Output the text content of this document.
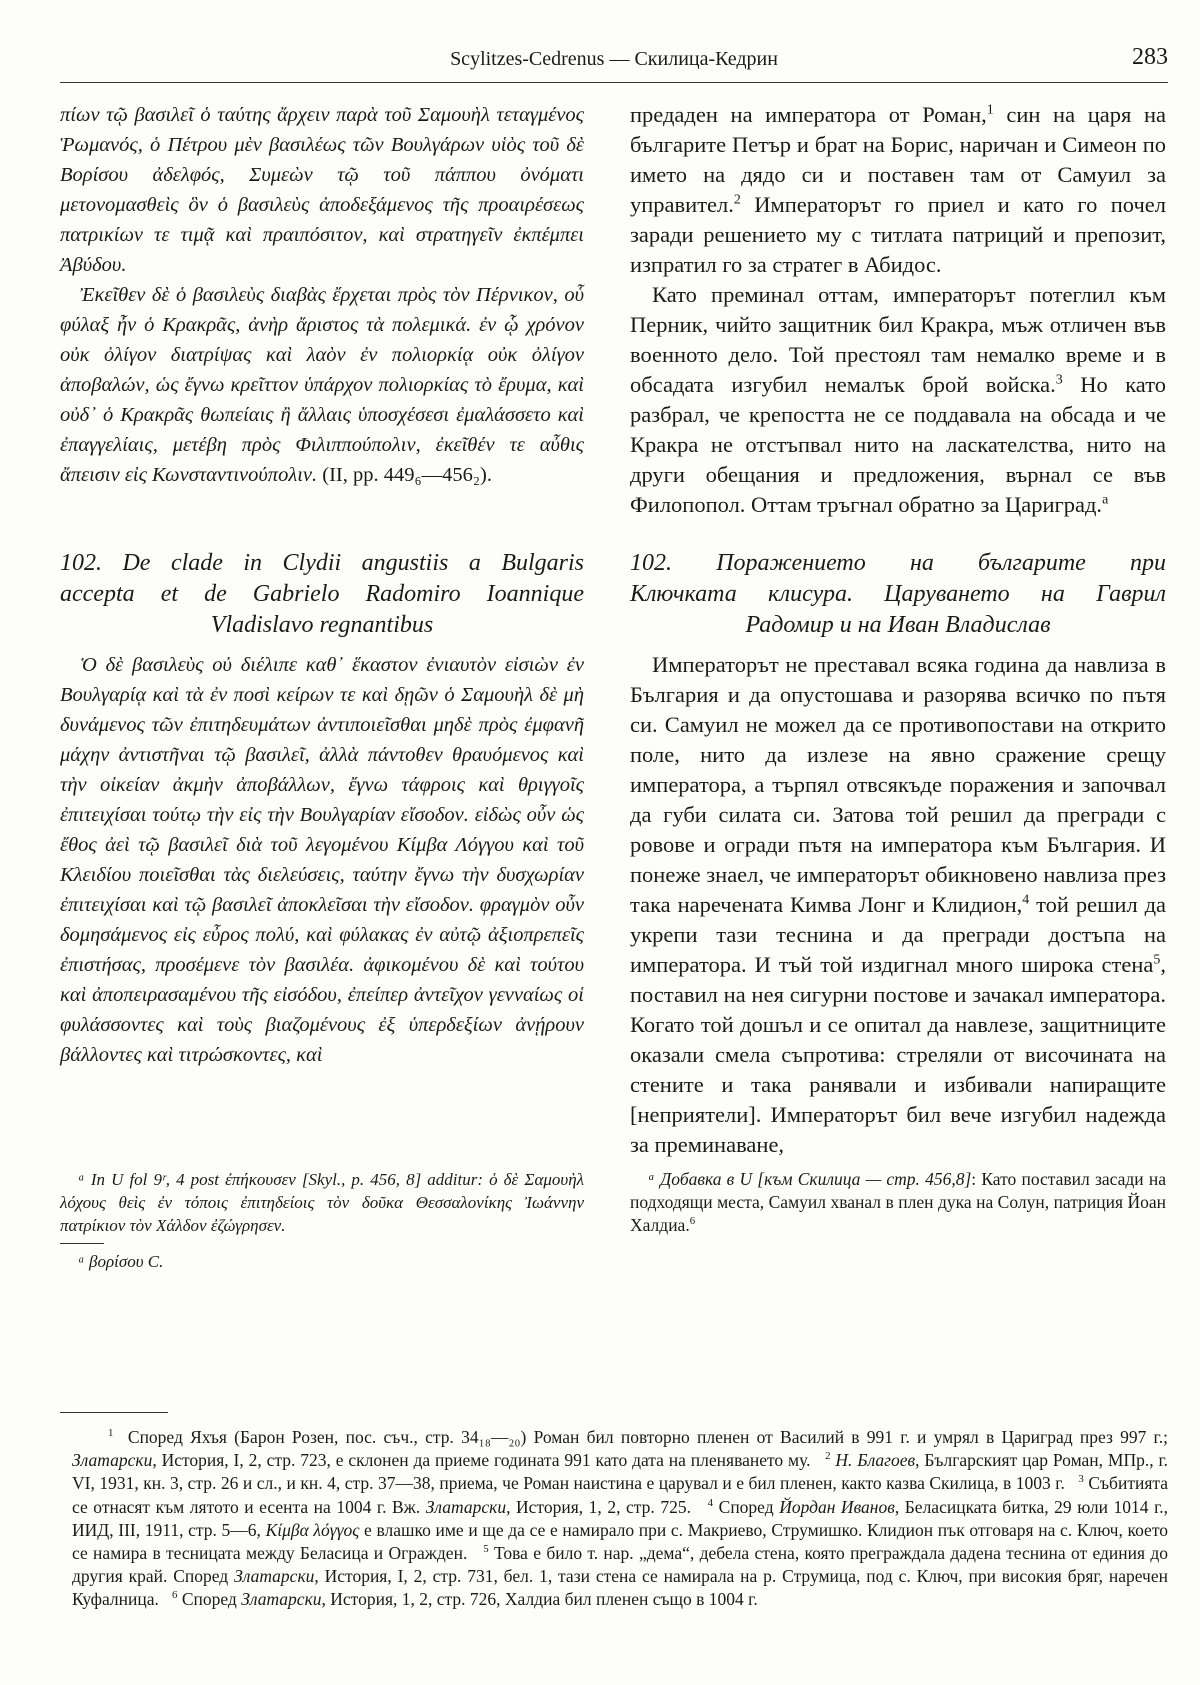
Scylitzes-Cedrenus — Скилица-Кедрин	283

πίων τῷ βασιλεῖ ὁ ταύτης ἄρχειν παρὰ τοῦ Σαμουὴλ τεταγμένος Ῥωμανός, ὁ Πέτρου μὲν βασιλέως τῶν Βουλγάρων υἱὸς τοῦ δὲ Βορίσου ἀδελφός, Συμεὼν τῷ τοῦ πάππου ὀνόματι μετονομασθεὶς ὃν ὁ βασιλεὺς ἀποδεξάμενος τῆς προαιρέσεως πατρικίων τε τιμᾷ καὶ πραιπόσιτον, καὶ στρατηγεῖν ἐκπέμπει Ἀβύδου.

Ἐκεῖθεν δὲ ὁ βασιλεὺς διαβὰς ἔρχεται πρὸς τὸν Πέρνικον, οὗ φύλαξ ἦν ὁ Κρακρᾶς, ἀνὴρ ἄριστος τὰ πολεμικά. ἐν ᾧ χρόνον οὐκ ὀλίγον διατρίψας καὶ λαὸν ἐν πολιορκίᾳ οὐκ ὀλίγον ἀποβαλών, ὡς ἔγνω κρεῖττον ὑπάρχον πολιορκίας τὸ ἔρυμα, καὶ οὐδ᾽ ὁ Κρακρᾶς θωπείαις ἢ ἄλλαις ὑποσχέσεσι ἐμαλάσσετο καὶ ἐπαγγελίαις, μετέβη πρὸς Φιλιππούπολιν, ἐκεῖθέν τε αὖθις ἄπεισιν εἰς Κωνσταντινούπολιν. (II, pp. 449₆—456₂).

102. De clade in Clydii angustiis a Bulgaris
accepta et de Gabrielo Radomiro Ioannique
Vladislavo regnantibus

Ὁ δὲ βασιλεὺς οὐ διέλιπε καθ᾽ ἕκαστον ἐνιαυτὸν εἰσιὼν ἐν Βουλγαρίᾳ καὶ τὰ ἐν ποσὶ κείρων τε καὶ δῃῶν ὁ Σαμουὴλ δὲ μὴ δυνάμενος τῶν ἐπιτηδευμάτων ἀντιποιεῖσθαι μηδὲ πρὸς ἐμφανῆ μάχην ἀντιστῆναι τῷ βασιλεῖ, ἀλλὰ πάντοθεν θραυόμενος καὶ τὴν οἰκείαν ἀκμὴν ἀποβάλλων, ἔγνω τάφροις καὶ θριγγοῖς ἐπιτειχίσαι τούτῳ τὴν εἰς τὴν Βουλγαρίαν εἴσοδον. εἰδὼς οὖν ὡς ἔθος ἀεὶ τῷ βασιλεῖ διὰ τοῦ λεγομένου Κίμβα Λόγγου καὶ τοῦ Κλειδίου ποιεῖσθαι τὰς διελεύσεις, ταύτην ἔγνω τὴν δυσχωρίαν ἐπιτειχίσαι καὶ τῷ βασιλεῖ ἀποκλεῖσαι τὴν εἴσοδον. φραγμὸν οὖν δομησάμενος εἰς εὖρος πολύ, καὶ φύλακας ἐν αὐτῷ ἀξιοπρεπεῖς ἐπιστήσας, προσέμενε τὸν βασιλέα. ἀφικομένου δὲ καὶ τούτου καὶ ἀποπειρασαμένου τῆς εἰσόδου, ἐπείπερ ἀντεῖχον γενναίως οἱ φυλάσσοντες καὶ τοὺς βιαζομένους ἐξ ὑπερδεξίων ἀνῄρουν βάλλοντες καὶ τιτρώσκοντες, καὶ

ᵃ In U fol 9ʳ, 4 post ἐπήκουσεν [Skyl., p. 456, 8] additur: ὁ δὲ Σαμουὴλ λόχους θεὶς ἐν τόποις ἐπιτηδείοις τὸν δοῦκα Θεσσαλονίκης Ἰωάννην πατρίκιον τὸν Χάλδον ἐζώγρησεν.

ᵃ βορίσου C.

предаден на императора от Роман,$^1$ син на царя на българите Петър и брат на Борис, наричан и Симеон по името на дядо си и поставен там от Самуил за управител.$^2$ Императорът го приел и като го почел заради решението му с титлата патриций и препозит, изпратил го за стратег в Абидос.

Като преминал оттам, императорът потеглил към Перник, чийто защитник бил Кракра, мъж отличен във военното дело. Той престоял там немалко време и в обсадата изгубил немалък брой войска.$^3$ Но като разбрал, че крепостта не се поддавала на обсада и че Кракра не отстъпвал нито на ласкателства, нито на други обещания и предложения, върнал се във Филопопол. Оттам тръгнал обратно за Цариград.$^a$

102. Поражението на българите при
Ключката клисура. Царуването на Гаврил
Радомир и на Иван Владислав

Императорът не преставал всяка година да навлиза в България и да опустошава и разорява всичко по пътя си. Самуил не можел да се противопостави на открито поле, нито да излезе на явно сражение срещу императора, а търпял отвсякъде поражения и започвал да губи силата си. Затова той решил да прегради с ровове и огради пътя на императора към България. И понеже знаел, че императорът обикновено навлиза през така наречената Кимва Лонг и Клидион,$^4$ той решил да укрепи тази теснина и да прегради достъпа на императора. И тъй той издигнал много широка стена$^5$, поставил на нея сигурни постове и зачакал императора. Когато той дошъл и се опитал да навлезе, защитниците оказали смела съпротива: стреляли от височината на стените и така ранявали и избивали напиращите [неприятели]. Императорът бил вече изгубил надежда за преминаване,

ᵃ Добавка в U [към Скилица — стр. 456,8]: Като поставил засади на подходящи места, Самуил хванал в плен дука на Солун, патриция Йоан Халдиа.$^6$

$^1$ Според Яхъя (Барон Розен, пос. съч., стр. 34₁₈—₂₀) Роман бил повторно пленен от Василий в 991 г. и умрял в Цариград през 997 г.; Златарски, История, I, 2, стр. 723, е склонен да приеме годината 991 като дата на пленяването му. $^2$ Н. Благоев, Българският цар Роман, МПр., г. VI, 1931, кн. 3, стр. 26 и сл., и кн. 4, стр. 37—38, приема, че Роман наистина е царувал и е бил пленен, както казва Скилица, в 1003 г. $^3$ Събитията се отнасят към лятото и есента на 1004 г. Вж. Златарски, История, 1, 2, стр. 725. $^4$ Според Йордан Иванов, Беласицката битка, 29 юли 1014 г., ИИД, III, 1911, стр. 5—6, Κίμβα λόγγος е влашко име и ще да се е намирало при с. Макриево, Струмишко. Клидион пък отговаря на с. Ключ, което се намира в тесницата между Беласица и Огражден. $^5$ Това е било т. нар. „дема“, дебела стена, която преграждала дадена теснина от единия до другия край. Според Златарски, История, I, 2, стр. 731, бел. 1, тази стена се намирала на р. Струмица, под с. Ключ, при високия бряг, наречен Куфалница. $^6$ Според Златарски, История, 1, 2, стр. 726, Халдиа бил пленен също в 1004 г.
